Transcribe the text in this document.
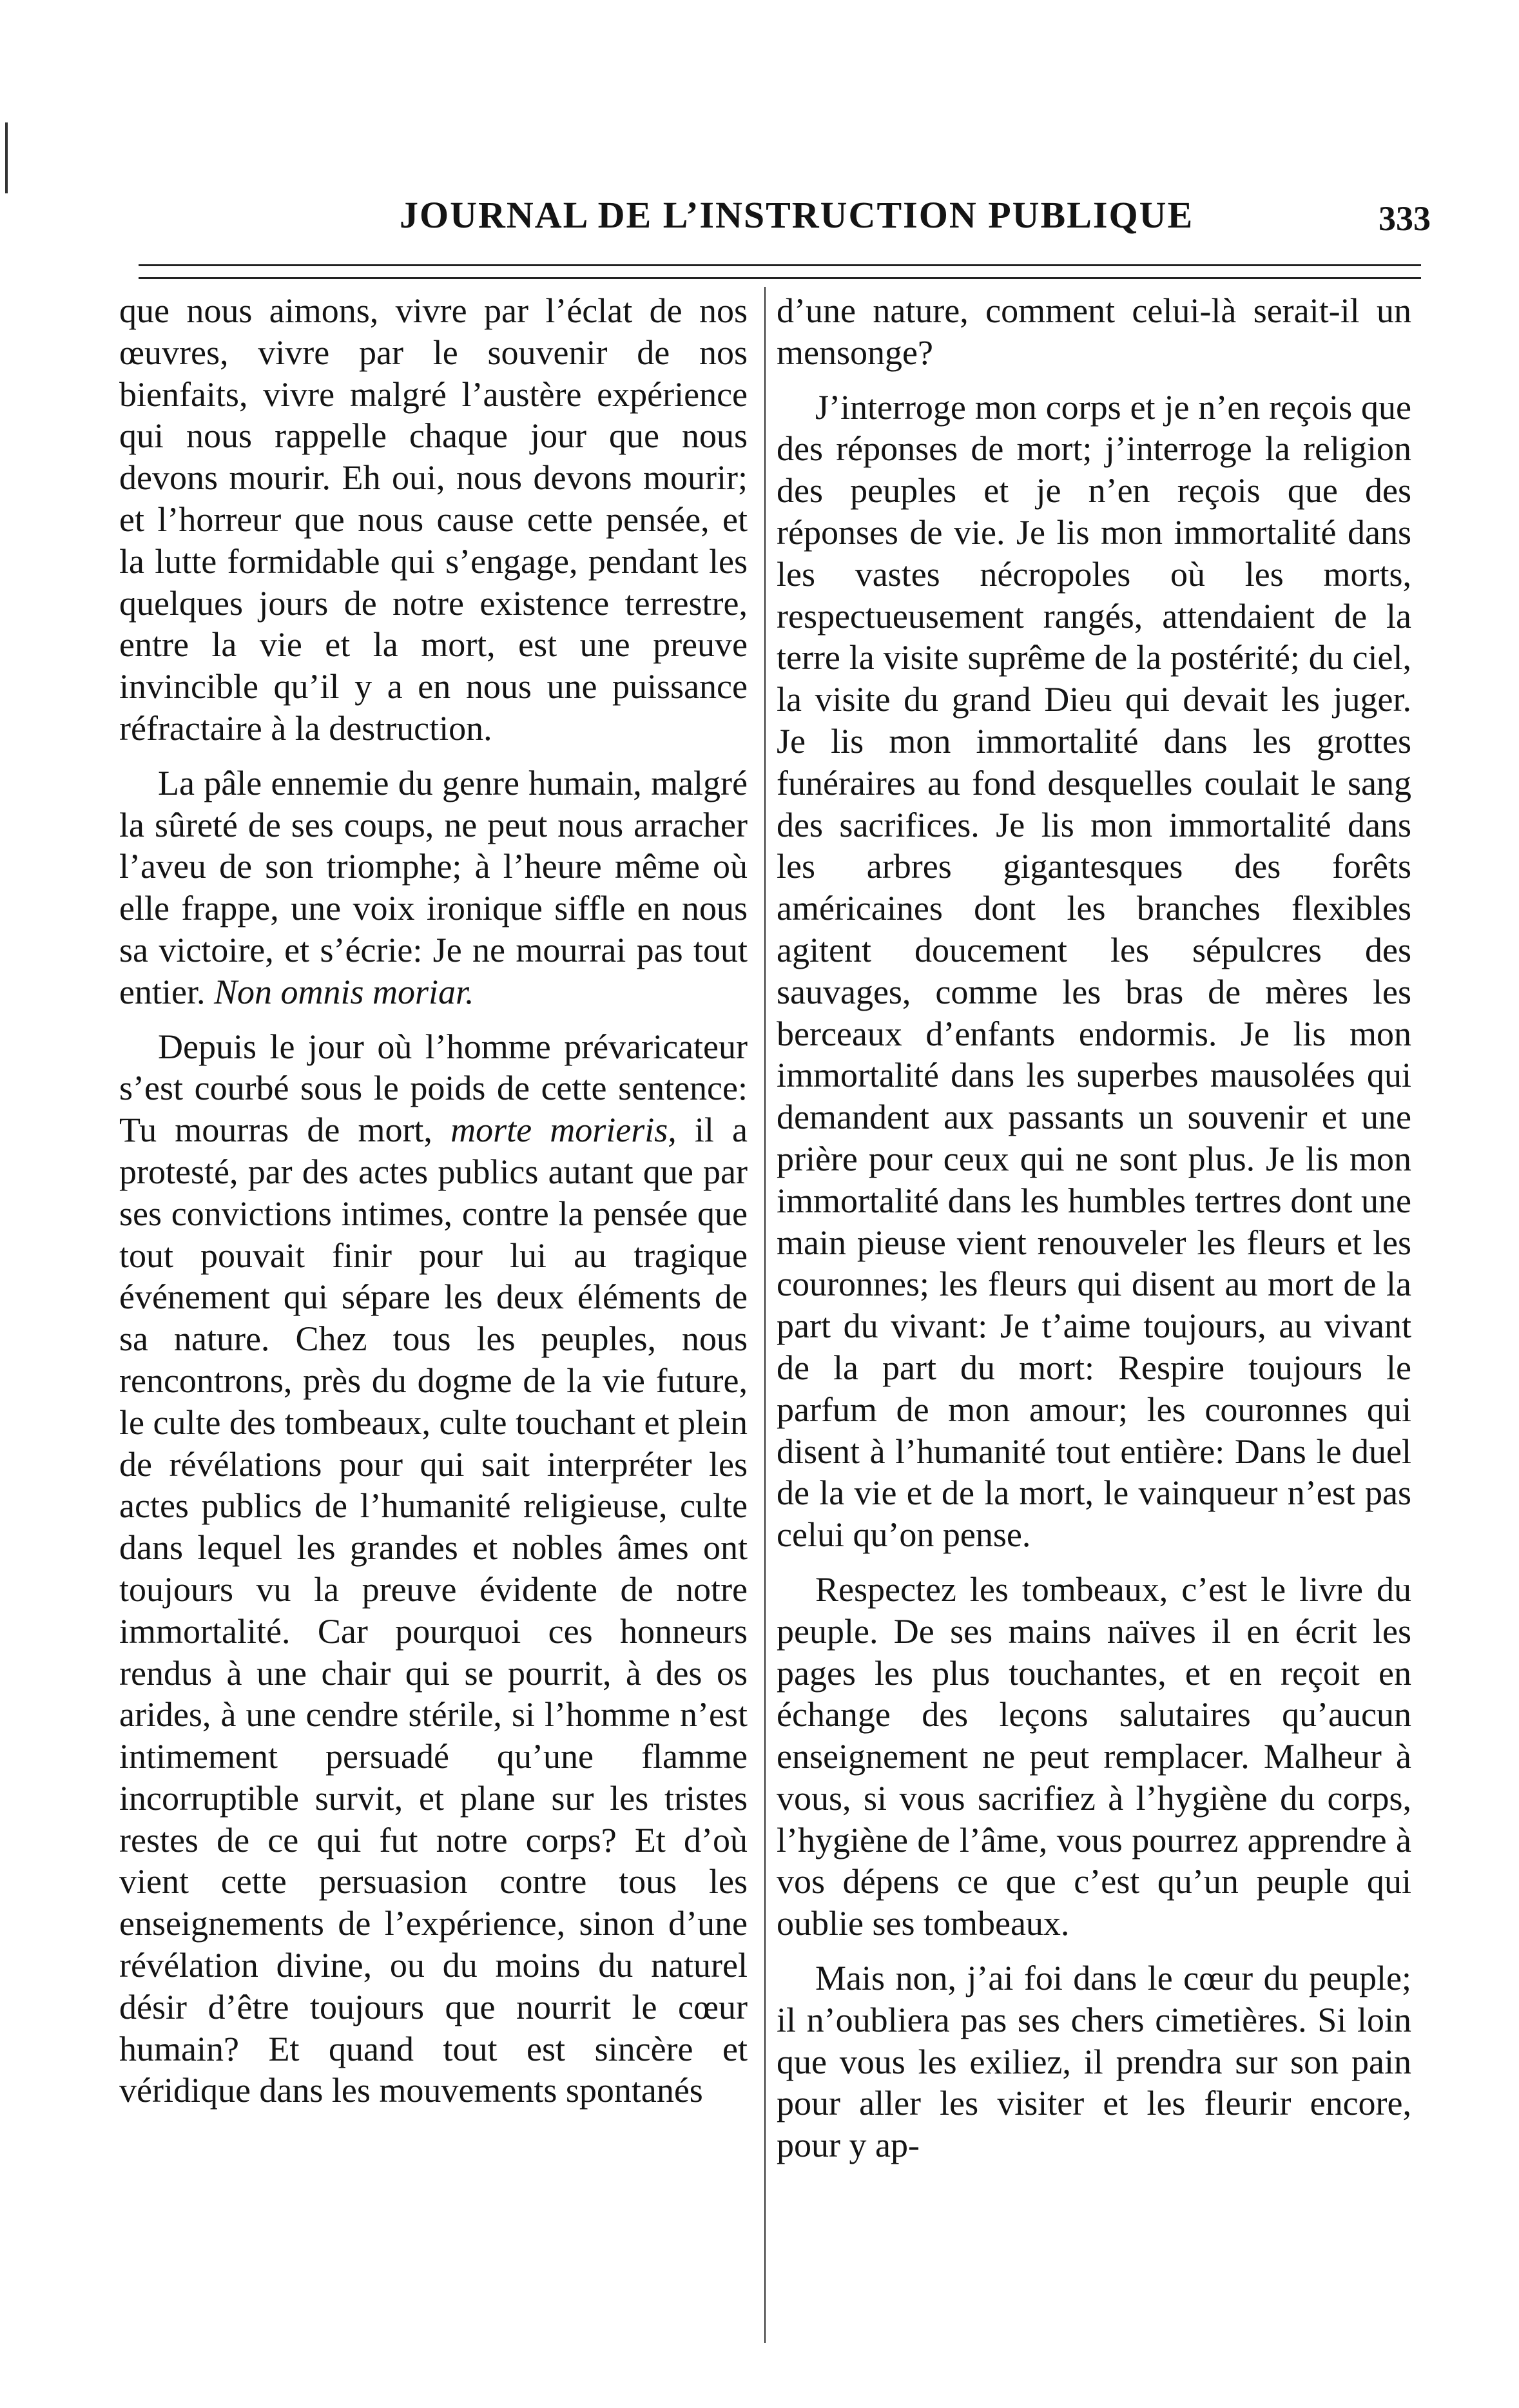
JOURNAL DE L’INSTRUCTION PUBLIQUE	333

que nous aimons, vivre par l’éclat de nos œuvres, vivre par le souvenir de nos bienfaits, vivre malgré l’austère expérience qui nous rappelle chaque jour que nous devons mourir. Eh oui, nous devons mourir; et l’horreur que nous cause cette pensée, et la lutte formidable qui s’engage, pendant les quelques jours de notre existence terrestre, entre la vie et la mort, est une preuve invincible qu’il y a en nous une puissance réfractaire à la destruction.

La pâle ennemie du genre humain, malgré la sûreté de ses coups, ne peut nous arracher l’aveu de son triomphe; à l’heure même où elle frappe, une voix ironique siffle en nous sa victoire, et s’écrie: Je ne mourrai pas tout entier. Non omnis moriar.

Depuis le jour où l’homme prévaricateur s’est courbé sous le poids de cette sentence: Tu mourras de mort, morte morieris, il a protesté, par des actes publics autant que par ses convictions intimes, contre la pensée que tout pouvait finir pour lui au tragique événement qui sépare les deux éléments de sa nature. Chez tous les peuples, nous rencontrons, près du dogme de la vie future, le culte des tombeaux, culte touchant et plein de révélations pour qui sait interpréter les actes publics de l’humanité religieuse, culte dans lequel les grandes et nobles âmes ont toujours vu la preuve évidente de notre immortalité. Car pourquoi ces honneurs rendus à une chair qui se pourrit, à des os arides, à une cendre stérile, si l’homme n’est intimement persuadé qu’une flamme incorruptible survit, et plane sur les tristes restes de ce qui fut notre corps? Et d’où vient cette persuasion contre tous les enseignements de l’expérience, sinon d’une révélation divine, ou du moins du naturel désir d’être toujours que nourrit le cœur humain? Et quand tout est sincère et véridique dans les mouvements spontanés

d’une nature, comment celui-là serait-il un mensonge?

J’interroge mon corps et je n’en reçois que des réponses de mort; j’interroge la religion des peuples et je n’en reçois que des réponses de vie. Je lis mon immortalité dans les vastes nécropoles où les morts, respectueusement rangés, attendaient de la terre la visite suprême de la postérité; du ciel, la visite du grand Dieu qui devait les juger. Je lis mon immortalité dans les grottes funéraires au fond desquelles coulait le sang des sacrifices. Je lis mon immortalité dans les arbres gigantesques des forêts américaines dont les branches flexibles agitent doucement les sépulcres des sauvages, comme les bras de mères les berceaux d’enfants endormis. Je lis mon immortalité dans les superbes mausolées qui demandent aux passants un souvenir et une prière pour ceux qui ne sont plus. Je lis mon immortalité dans les humbles tertres dont une main pieuse vient renouveler les fleurs et les couronnes; les fleurs qui disent au mort de la part du vivant: Je t’aime toujours, au vivant de la part du mort: Respire toujours le parfum de mon amour; les couronnes qui disent à l’humanité tout entière: Dans le duel de la vie et de la mort, le vainqueur n’est pas celui qu’on pense.

Respectez les tombeaux, c’est le livre du peuple. De ses mains naïves il en écrit les pages les plus touchantes, et en reçoit en échange des leçons salutaires qu’aucun enseignement ne peut remplacer. Malheur à vous, si vous sacrifiez à l’hygiène du corps, l’hygiène de l’âme, vous pourrez apprendre à vos dépens ce que c’est qu’un peuple qui oublie ses tombeaux.

Mais non, j’ai foi dans le cœur du peuple; il n’oubliera pas ses chers cimetières. Si loin que vous les exiliez, il prendra sur son pain pour aller les visiter et les fleurir encore, pour y ap-
